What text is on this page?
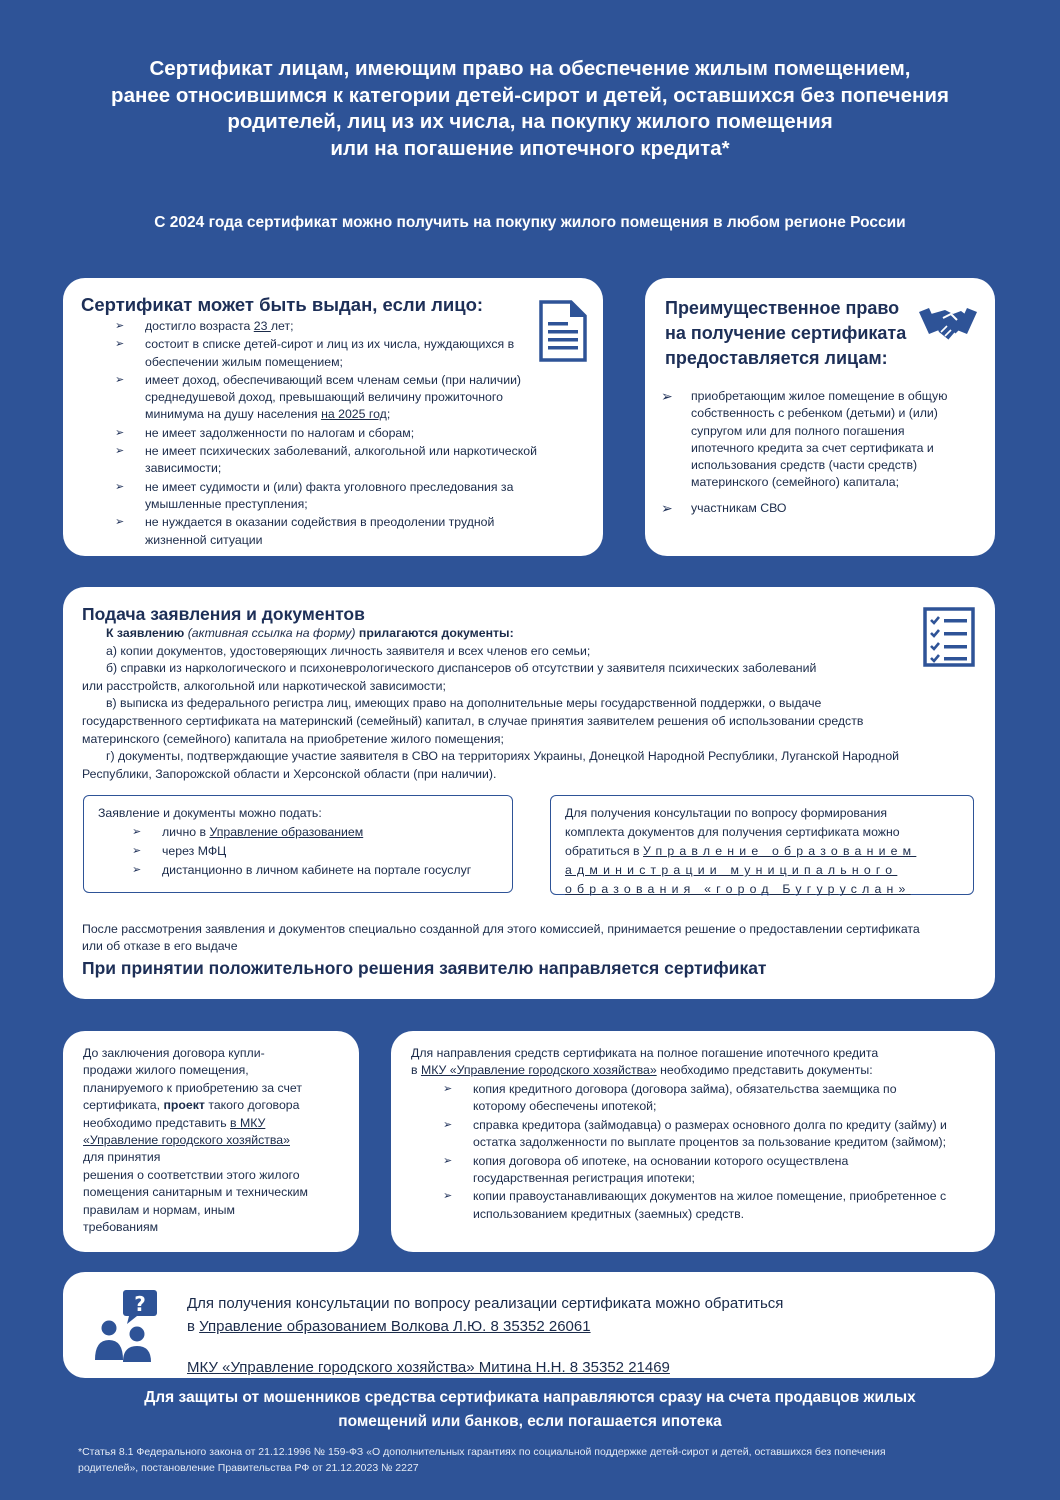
Сертификат лицам, имеющим право на обеспечение жилым помещением,
ранее относившимся к категории детей-сирот и детей, оставшихся без попечения
родителей, лиц из их числа, на покупку жилого помещения
или на погашение ипотечного кредита*
С 2024 года сертификат можно получить на покупку жилого помещения в любом регионе России
Сертификат может быть выдан, если лицо:
➢ достигло возраста 23 лет;
➢ состоит в списке детей-сирот и лиц из их числа, нуждающихся в обеспечении жилым помещением;
➢ имеет доход, обеспечивающий всем членам семьи (при наличии) среднедушевой доход, превышающий величину прожиточного минимума на душу населения на 2025 год;
➢ не имеет задолженности по налогам и сборам;
➢ не имеет психических заболеваний, алкогольной или наркотической зависимости;
➢ не имеет судимости и (или) факта уголовного преследования за умышленные преступления;
➢ не нуждается в оказании содействия в преодолении трудной жизненной ситуации
Преимущественное право
на получение сертификата
предоставляется лицам:
➢ приобретающим жилое помещение в общую собственность с ребенком (детьми) и (или) супругом или для полного погашения ипотечного кредита за счет сертификата и использования средств (части средств) материнского (семейного) капитала;
➢ участникам СВО
Подача заявления и документов
К заявлению (активная ссылка на форму) прилагаются документы:
а) копии документов, удостоверяющих личность заявителя и всех членов его семьи;
б) справки из наркологического и психоневрологического диспансеров об отсутствии у заявителя психических заболеваний
или расстройств, алкогольной или наркотической зависимости;
в) выписка из федерального регистра лиц, имеющих право на дополнительные меры государственной поддержки, о выдаче
государственного сертификата на материнский (семейный) капитал, в случае принятия заявителем решения об использовании средств
материнского (семейного) капитала на приобретение жилого помещения;
г) документы, подтверждающие участие заявителя в СВО на территориях Украины, Донецкой Народной Республики, Луганской Народной
Республики, Запорожской области и Херсонской области (при наличии).
Заявление и документы можно подать:
➢ лично в Управление образованием
➢ через МФЦ
➢ дистанционно в личном кабинете на портале госуслуг
Для получения консультации по вопросу формирования
комплекта документов для получения сертификата можно
обратиться в Управление образованием
администрации муниципального
образования «город Бугуруслан»
После рассмотрения заявления и документов специально созданной для этого комиссией, принимается решение о предоставлении сертификата
или об отказе в его выдаче
При принятии положительного решения заявителю направляется сертификат
До заключения договора купли-
продажи жилого помещения,
планируемого к приобретению за счет
сертификата, проект такого договора
необходимо представить в МКУ
«Управление городского хозяйства»
для принятия
решения о соответствии этого жилого
помещения санитарным и техническим
правилам и нормам, иным
требованиям
Для направления средств сертификата на полное погашение ипотечного кредита
в МКУ «Управление городского хозяйства» необходимо представить документы:
➢ копия кредитного договора (договора займа), обязательства заемщика по которому обеспечены ипотекой;
➢ справка кредитора (займодавца) о размерах основного долга по кредиту (займу) и остатка задолженности по выплате процентов за пользование кредитом (займом);
➢ копия договора об ипотеке, на основании которого осуществлена государственная регистрация ипотеки;
➢ копии правоустанавливающих документов на жилое помещение, приобретенное с использованием кредитных (заемных) средств.
?	Для получения консультации по вопросу реализации сертификата можно обратиться
в Управление образованием Волкова Л.Ю. 8 35352 26061
МКУ «Управление городского хозяйства» Митина Н.Н. 8 35352 21469
Для защиты от мошенников средства сертификата направляются сразу на счета продавцов жилых
помещений или банков, если погашается ипотека
*Статья 8.1 Федерального закона от 21.12.1996 № 159-ФЗ «О дополнительных гарантиях по социальной поддержке детей-сирот и детей, оставшихся без попечения
родителей», постановление Правительства РФ от 21.12.2023 № 2227
